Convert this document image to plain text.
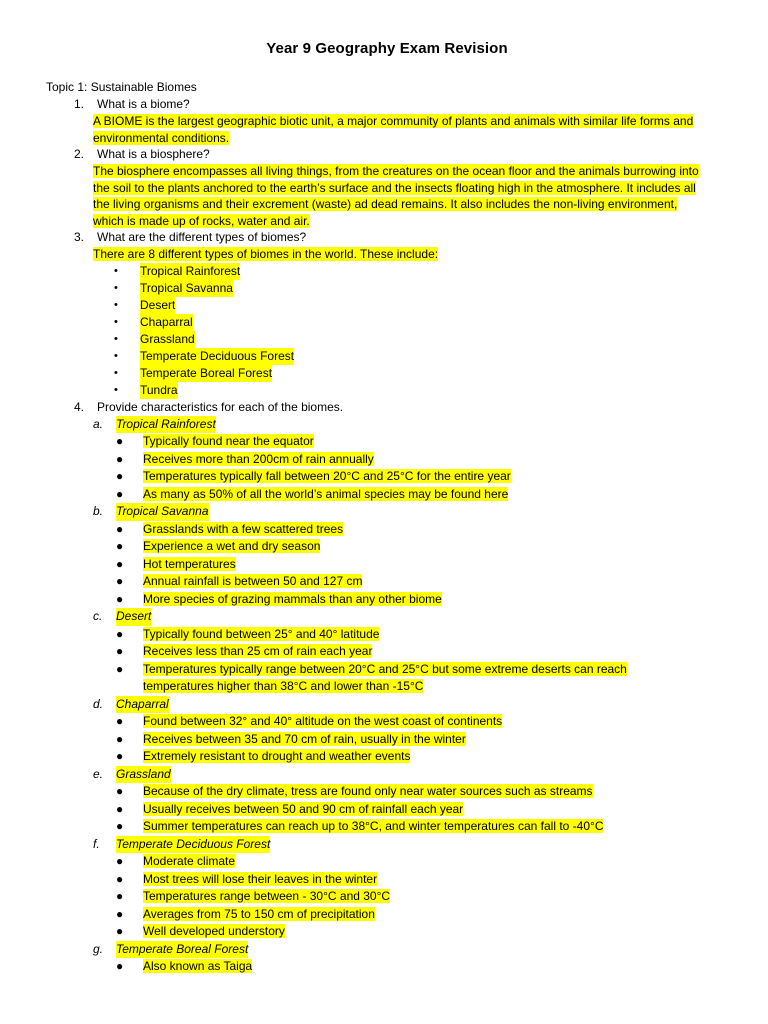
Year 9 Geography Exam Revision
Topic 1: Sustainable Biomes
1.	What is a biome?
A BIOME is the largest geographic biotic unit, a major community of plants and animals with similar life forms and environmental conditions.
2.	What is a biosphere?
The biosphere encompasses all living things, from the creatures on the ocean floor and the animals burrowing into the soil to the plants anchored to the earth’s surface and the insects floating high in the atmosphere. It includes all the living organisms and their excrement (waste) ad dead remains. It also includes the non-living environment, which is made up of rocks, water and air.
3.	What are the different types of biomes?
There are 8 different types of biomes in the world. These include:
•	Tropical Rainforest
•	Tropical Savanna
•	Desert
•	Chaparral
•	Grassland
•	Temperate Deciduous Forest
•	Temperate Boreal Forest
•	Tundra
4.	Provide characteristics for each of the biomes.
a.	Tropical Rainforest
●	Typically found near the equator
●	Receives more than 200cm of rain annually
●	Temperatures typically fall between 20°C and 25°C for the entire year
●	As many as 50% of all the world’s animal species may be found here
b.	Tropical Savanna
●	Grasslands with a few scattered trees
●	Experience a wet and dry season
●	Hot temperatures
●	Annual rainfall is between 50 and 127 cm
●	More species of grazing mammals than any other biome
c.	Desert
●	Typically found between 25° and 40° latitude
●	Receives less than 25 cm of rain each year
●	Temperatures typically range between 20°C and 25°C but some extreme deserts can reach temperatures higher than 38°C and lower than -15°C
d.	Chaparral
●	Found between 32° and 40° altitude on the west coast of continents
●	Receives between 35 and 70 cm of rain, usually in the winter
●	Extremely resistant to drought and weather events
e.	Grassland
●	Because of the dry climate, tress are found only near water sources such as streams
●	Usually receives between 50 and 90 cm of rainfall each year
●	Summer temperatures can reach up to 38°C, and winter temperatures can fall to -40°C
f.	Temperate Deciduous Forest
●	Moderate climate
●	Most trees will lose their leaves in the winter
●	Temperatures range between - 30°C and 30°C
●	Averages from 75 to 150 cm of precipitation
●	Well developed understory
g.	Temperate Boreal Forest
●	Also known as Taiga
